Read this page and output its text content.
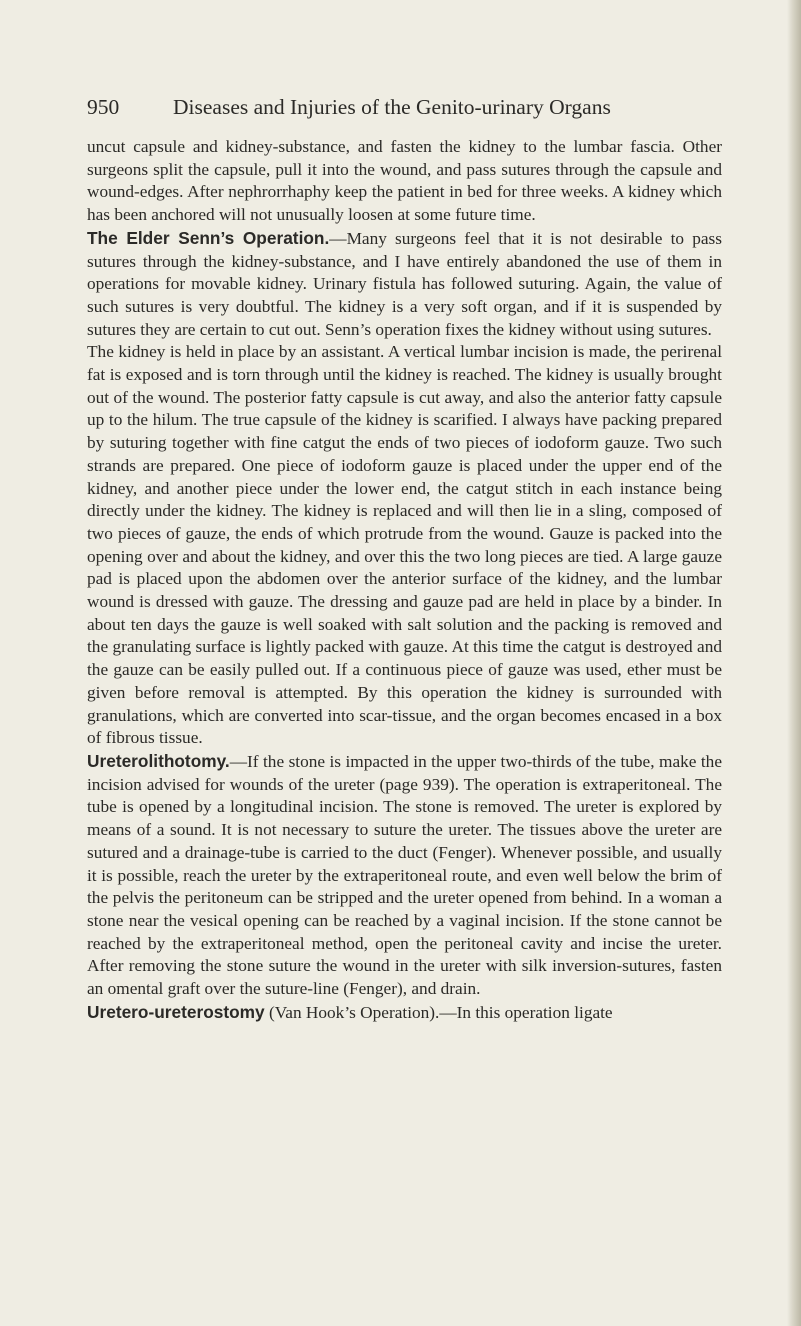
950	Diseases and Injuries of the Genito-urinary Organs

uncut capsule and kidney-substance, and fasten the kidney to the lumbar fascia. Other surgeons split the capsule, pull it into the wound, and pass sutures through the capsule and wound-edges. After nephrorrhaphy keep the patient in bed for three weeks. A kidney which has been anchored will not unusually loosen at some future time.

The Elder Senn’s Operation.—Many surgeons feel that it is not desirable to pass sutures through the kidney-substance, and I have entirely abandoned the use of them in operations for movable kidney. Urinary fistula has followed suturing. Again, the value of such sutures is very doubtful. The kidney is a very soft organ, and if it is suspended by sutures they are certain to cut out. Senn’s operation fixes the kidney without using sutures.

The kidney is held in place by an assistant. A vertical lumbar incision is made, the perirenal fat is exposed and is torn through until the kidney is reached. The kidney is usually brought out of the wound. The posterior fatty capsule is cut away, and also the anterior fatty capsule up to the hilum. The true capsule of the kidney is scarified. I always have packing prepared by suturing together with fine catgut the ends of two pieces of iodoform gauze. Two such strands are prepared. One piece of iodoform gauze is placed under the upper end of the kidney, and another piece under the lower end, the catgut stitch in each instance being directly under the kidney. The kidney is replaced and will then lie in a sling, composed of two pieces of gauze, the ends of which protrude from the wound. Gauze is packed into the opening over and about the kidney, and over this the two long pieces are tied. A large gauze pad is placed upon the abdomen over the anterior surface of the kidney, and the lumbar wound is dressed with gauze. The dressing and gauze pad are held in place by a binder. In about ten days the gauze is well soaked with salt solution and the packing is removed and the granulating surface is lightly packed with gauze. At this time the catgut is destroyed and the gauze can be easily pulled out. If a continuous piece of gauze was used, ether must be given before removal is attempted. By this operation the kidney is surrounded with granulations, which are converted into scar-tissue, and the organ becomes encased in a box of fibrous tissue.

Ureterolithotomy.—If the stone is impacted in the upper two-thirds of the tube, make the incision advised for wounds of the ureter (page 939). The operation is extraperitoneal. The tube is opened by a longitudinal incision. The stone is removed. The ureter is explored by means of a sound. It is not necessary to suture the ureter. The tissues above the ureter are sutured and a drainage-tube is carried to the duct (Fenger). Whenever possible, and usually it is possible, reach the ureter by the extraperitoneal route, and even well below the brim of the pelvis the peritoneum can be stripped and the ureter opened from behind. In a woman a stone near the vesical opening can be reached by a vaginal incision. If the stone cannot be reached by the extraperitoneal method, open the peritoneal cavity and incise the ureter. After removing the stone suture the wound in the ureter with silk inversion-sutures, fasten an omental graft over the suture-line (Fenger), and drain.

Uretero-ureterostomy (Van Hook’s Operation).—In this operation ligate
